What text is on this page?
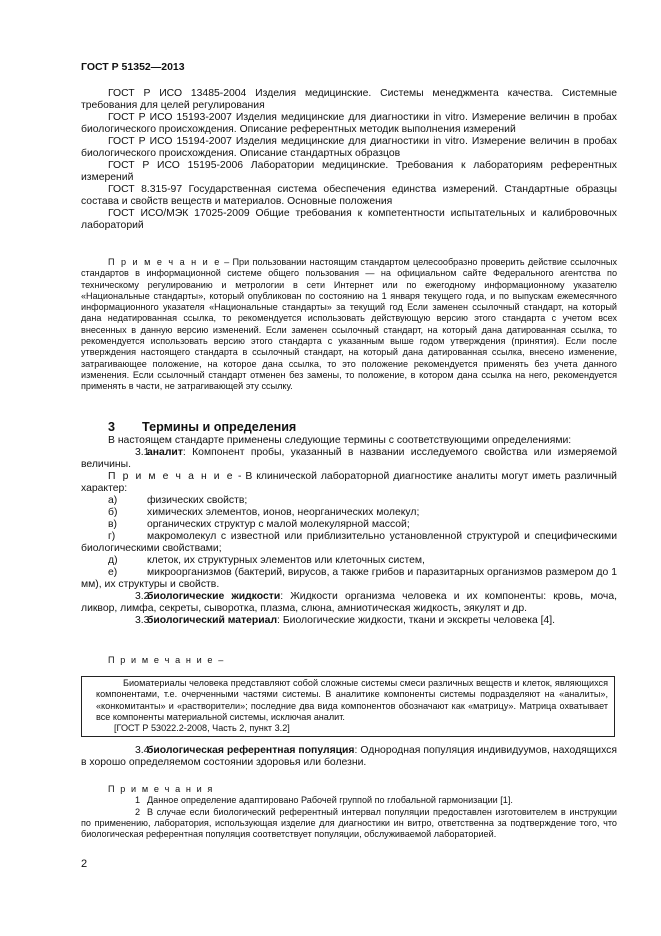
ГОСТ Р 51352—2013

ГОСТ Р ИСО 13485-2004 Изделия медицинские. Системы менеджмента качества. Системные требования для целей регулирования

ГОСТ Р ИСО 15193-2007 Изделия медицинские для диагностики in vitro. Измерение величин в пробах биологического происхождения. Описание референтных методик выполнения измерений

ГОСТ Р ИСО 15194-2007 Изделия медицинские для диагностики in vitro. Измерение величин в пробах биологического происхождения. Описание стандартных образцов

ГОСТ Р ИСО 15195-2006 Лаборатории медицинские. Требования к лабораториям референтных измерений

ГОСТ 8.315-97 Государственная система обеспечения единства измерений. Стандартные образцы состава и свойств веществ и материалов. Основные положения

ГОСТ ИСО/МЭК 17025-2009 Общие требования к компетентности испытательных и калибровочных лабораторий

П р и м е ч а н и е – При пользовании настоящим стандартом целесообразно проверить действие ссылочных стандартов в информационной системе общего пользования — на официальном сайте Федерального агентства по техническому регулированию и метрологии в сети Интернет или по ежегодному информационному указателю «Национальные стандарты», который опубликован по состоянию на 1 января текущего года, и по выпускам ежемесячного информационного указателя «Национальные стандарты» за текущий год Если заменен ссылочный стандарт, на который дана недатированная ссылка, то рекомендуется использовать действующую версию этого стандарта с учетом всех внесенных в данную версию изменений. Если заменен ссылочный стандарт, на который дана датированная ссылка, то рекомендуется использовать версию этого стандарта с указанным выше годом утверждения (принятия). Если после утверждения настоящего стандарта в ссылочный стандарт, на который дана датированная ссылка, внесено изменение, затрагивающее положение, на которое дана ссылка, то это положение рекомендуется применять без учета данного изменения. Если ссылочный стандарт отменен без замены, то положение, в котором дана ссылка на него, рекомендуется применять в части, не затрагивающей эту ссылку.

3 Термины и определения

В настоящем стандарте применены следующие термины с соответствующими определениями:

3.1аналит: Компонент пробы, указанный в названии исследуемого свойства или измеряемой величины.

П р и м е ч а н и е - В клинической лабораторной диагностике аналиты могут иметь различный характер:

а)	физических свойств;

б)	химических элементов, ионов, неорганических молекул;

в)	органических структур с малой молекулярной массой;

г)	макромолекул с известной или приблизительно установленной структурой и специфическими биологическими свойствами;

д)	клеток, их структурных элементов или клеточных систем,

е)	микроорганизмов (бактерий, вирусов, а также грибов и паразитарных организмов размером до 1 мм), их структуры и свойств.

3.2биологические жидкости: Жидкости организма человека и их компоненты: кровь, моча, ликвор, лимфа, секреты, сыворотка, плазма, слюна, амниотическая жидкость, эякулят и др.

3.3биологический материал: Биологические жидкости, ткани и экскреты человека [4].

П р и м е ч а н и е –

Биоматериалы человека представляют собой сложные системы смеси различных веществ и клеток, являющихся компонентами, т.е. очерченными частями системы. В аналитике компоненты системы подразделяют на «аналиты», «конкомитанты» и «растворители»; последние два вида компонентов обозначают как «матрицу». Матрица охватывает все компоненты материальной системы, исключая аналит.

[ГОСТ Р 53022.2-2008, Часть 2, пункт 3.2]

3.4биологическая референтная популяция: Однородная популяция индивидуумов, находящихся в хорошо определяемом состоянии здоровья или болезни.

П р и м е ч а н и я

1 Данное определение адаптировано Рабочей группой по глобальной гармонизации [1].

2 В случае если биологический референтный интервал популяции предоставлен изготовителем в инструкции по применению, лаборатория, использующая изделие для диагностики ин витро, ответственна за подтверждение того, что биологическая референтная популяция соответствует популяции, обслуживаемой лабораторией.

2
